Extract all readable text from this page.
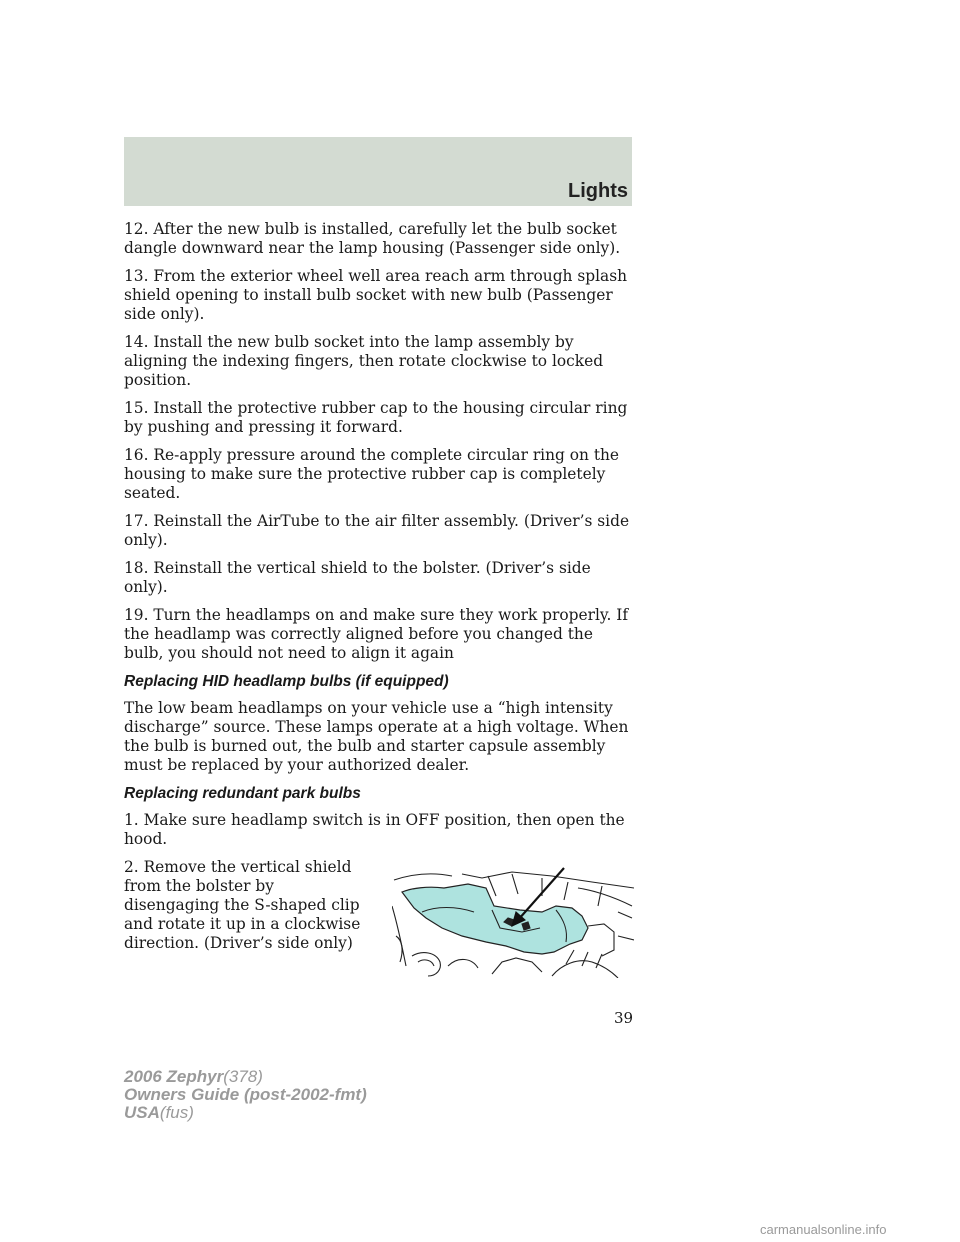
Lights

12. After the new bulb is installed, carefully let the bulb socket dangle downward near the lamp housing (Passenger side only).

13. From the exterior wheel well area reach arm through splash shield opening to install bulb socket with new bulb (Passenger side only).

14. Install the new bulb socket into the lamp assembly by aligning the indexing fingers, then rotate clockwise to locked position.

15. Install the protective rubber cap to the housing circular ring by pushing and pressing it forward.

16. Re-apply pressure around the complete circular ring on the housing to make sure the protective rubber cap is completely seated.

17. Reinstall the AirTube to the air filter assembly. (Driver’s side only).

18. Reinstall the vertical shield to the bolster. (Driver’s side only).

19. Turn the headlamps on and make sure they work properly. If the headlamp was correctly aligned before you changed the bulb, you should not need to align it again

Replacing HID headlamp bulbs (if equipped)

The low beam headlamps on your vehicle use a “high intensity discharge” source. These lamps operate at a high voltage. When the bulb is burned out, the bulb and starter capsule assembly must be replaced by your authorized dealer.

Replacing redundant park bulbs

1. Make sure headlamp switch is in OFF position, then open the hood.

2. Remove the vertical shield from the bolster by disengaging the S-shaped clip and rotate it up in a clockwise direction. (Driver’s side only)

39
2006 Zephyr(378)
Owners Guide (post-2002-fmt)
USA(fus)
carmanualsonline.info
